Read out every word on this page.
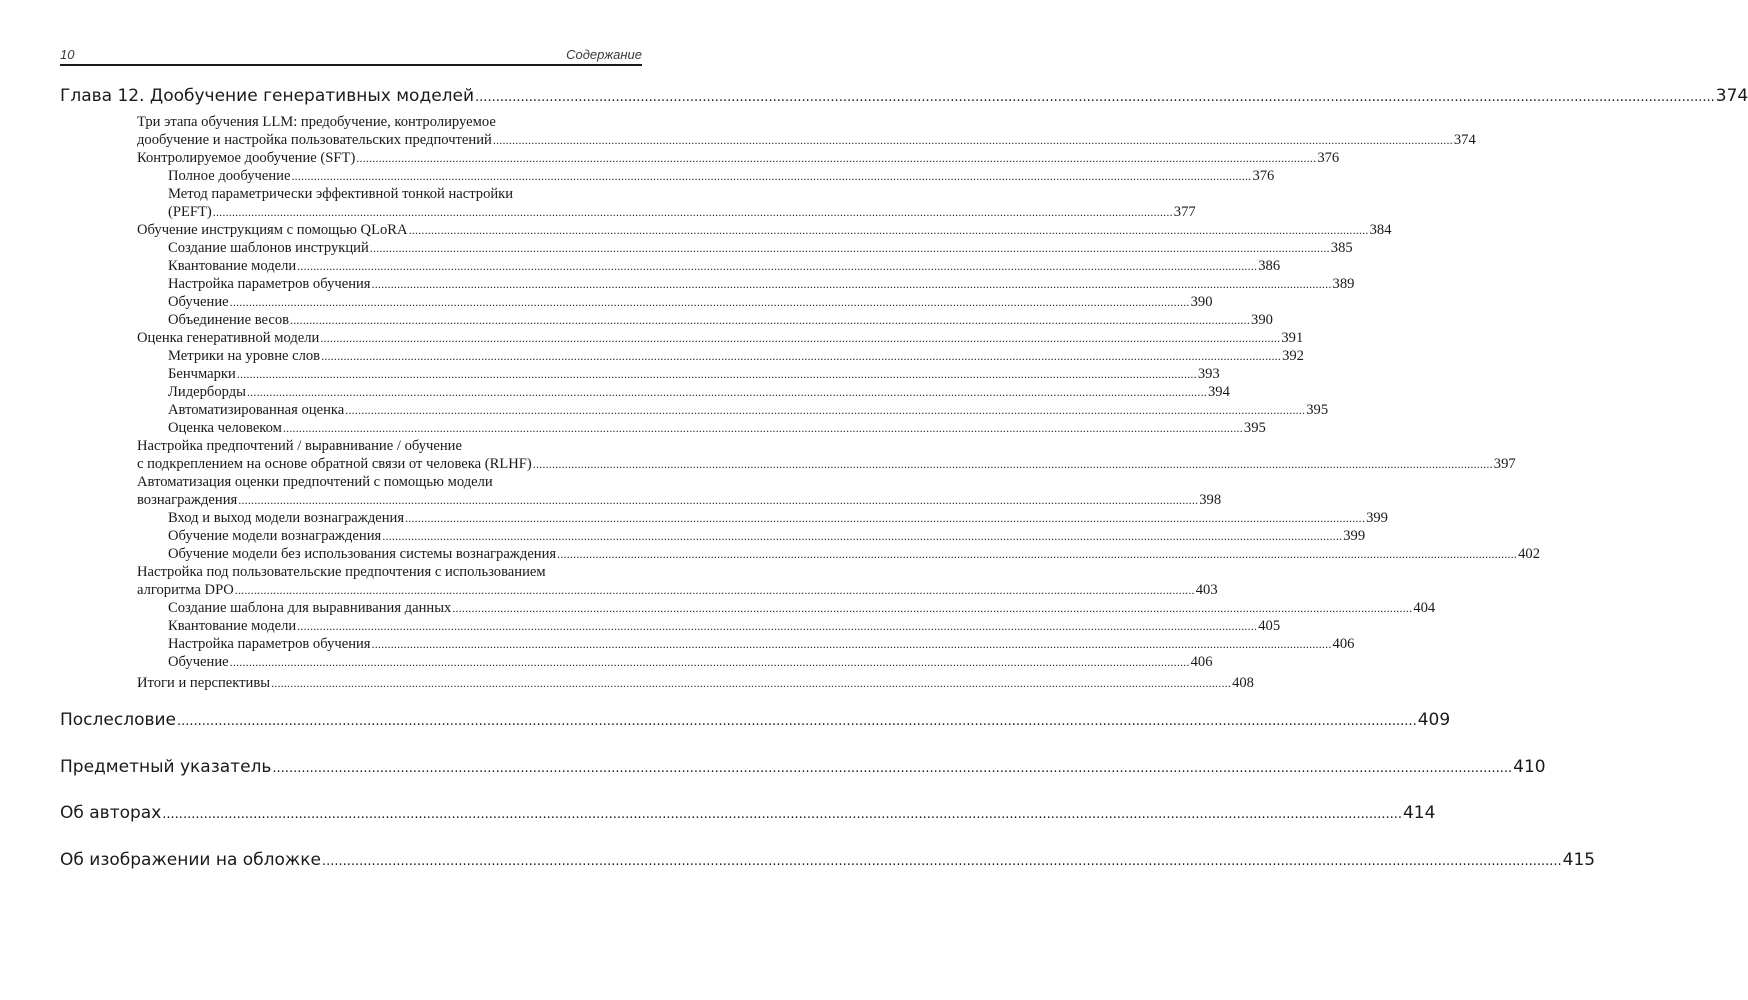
10	Содержание
Глава 12. Дообучение генеративных моделей ............................................................................................................................................................................................................................................................................................................ 374
Три этапа обучения LLM: предобучение, контролируемое
дообучение и настройка пользовательских предпочтений ............................................................................................................................................................................................................................................................................................................ 374
Контролируемое дообучение (SFT) ............................................................................................................................................................................................................................................................................................................ 376
Полное дообучение ............................................................................................................................................................................................................................................................................................................ 376
Метод параметрически эффективной тонкой настройки
(PEFT) ............................................................................................................................................................................................................................................................................................................ 377
Обучение инструкциям с помощью QLoRA ............................................................................................................................................................................................................................................................................................................ 384
Создание шаблонов инструкций ............................................................................................................................................................................................................................................................................................................ 385
Квантование модели ............................................................................................................................................................................................................................................................................................................ 386
Настройка параметров обучения ............................................................................................................................................................................................................................................................................................................ 389
Обучение ............................................................................................................................................................................................................................................................................................................ 390
Объединение весов ............................................................................................................................................................................................................................................................................................................ 390
Оценка генеративной модели ............................................................................................................................................................................................................................................................................................................ 391
Метрики на уровне слов ............................................................................................................................................................................................................................................................................................................ 392
Бенчмарки ............................................................................................................................................................................................................................................................................................................ 393
Лидерборды ............................................................................................................................................................................................................................................................................................................ 394
Автоматизированная оценка ............................................................................................................................................................................................................................................................................................................ 395
Оценка человеком ............................................................................................................................................................................................................................................................................................................ 395
Настройка предпочтений / выравнивание / обучение
с подкреплением на основе обратной связи от человека (RLHF) ............................................................................................................................................................................................................................................................................................................ 397
Автоматизация оценки предпочтений с помощью модели
вознаграждения ............................................................................................................................................................................................................................................................................................................ 398
Вход и выход модели вознаграждения ............................................................................................................................................................................................................................................................................................................ 399
Обучение модели вознаграждения ............................................................................................................................................................................................................................................................................................................ 399
Обучение модели без использования системы вознаграждения ............................................................................................................................................................................................................................................................................................................ 402
Настройка под пользовательские предпочтения с использованием
алгоритма DPO ............................................................................................................................................................................................................................................................................................................ 403
Создание шаблона для выравнивания данных ............................................................................................................................................................................................................................................................................................................ 404
Квантование модели ............................................................................................................................................................................................................................................................................................................ 405
Настройка параметров обучения ............................................................................................................................................................................................................................................................................................................ 406
Обучение ............................................................................................................................................................................................................................................................................................................ 406
Итоги и перспективы ............................................................................................................................................................................................................................................................................................................ 408
Послесловие ............................................................................................................................................................................................................................................................................................................ 409
Предметный указатель ............................................................................................................................................................................................................................................................................................................ 410
Об авторах ............................................................................................................................................................................................................................................................................................................ 414
Об изображении на обложке ............................................................................................................................................................................................................................................................................................................ 415
